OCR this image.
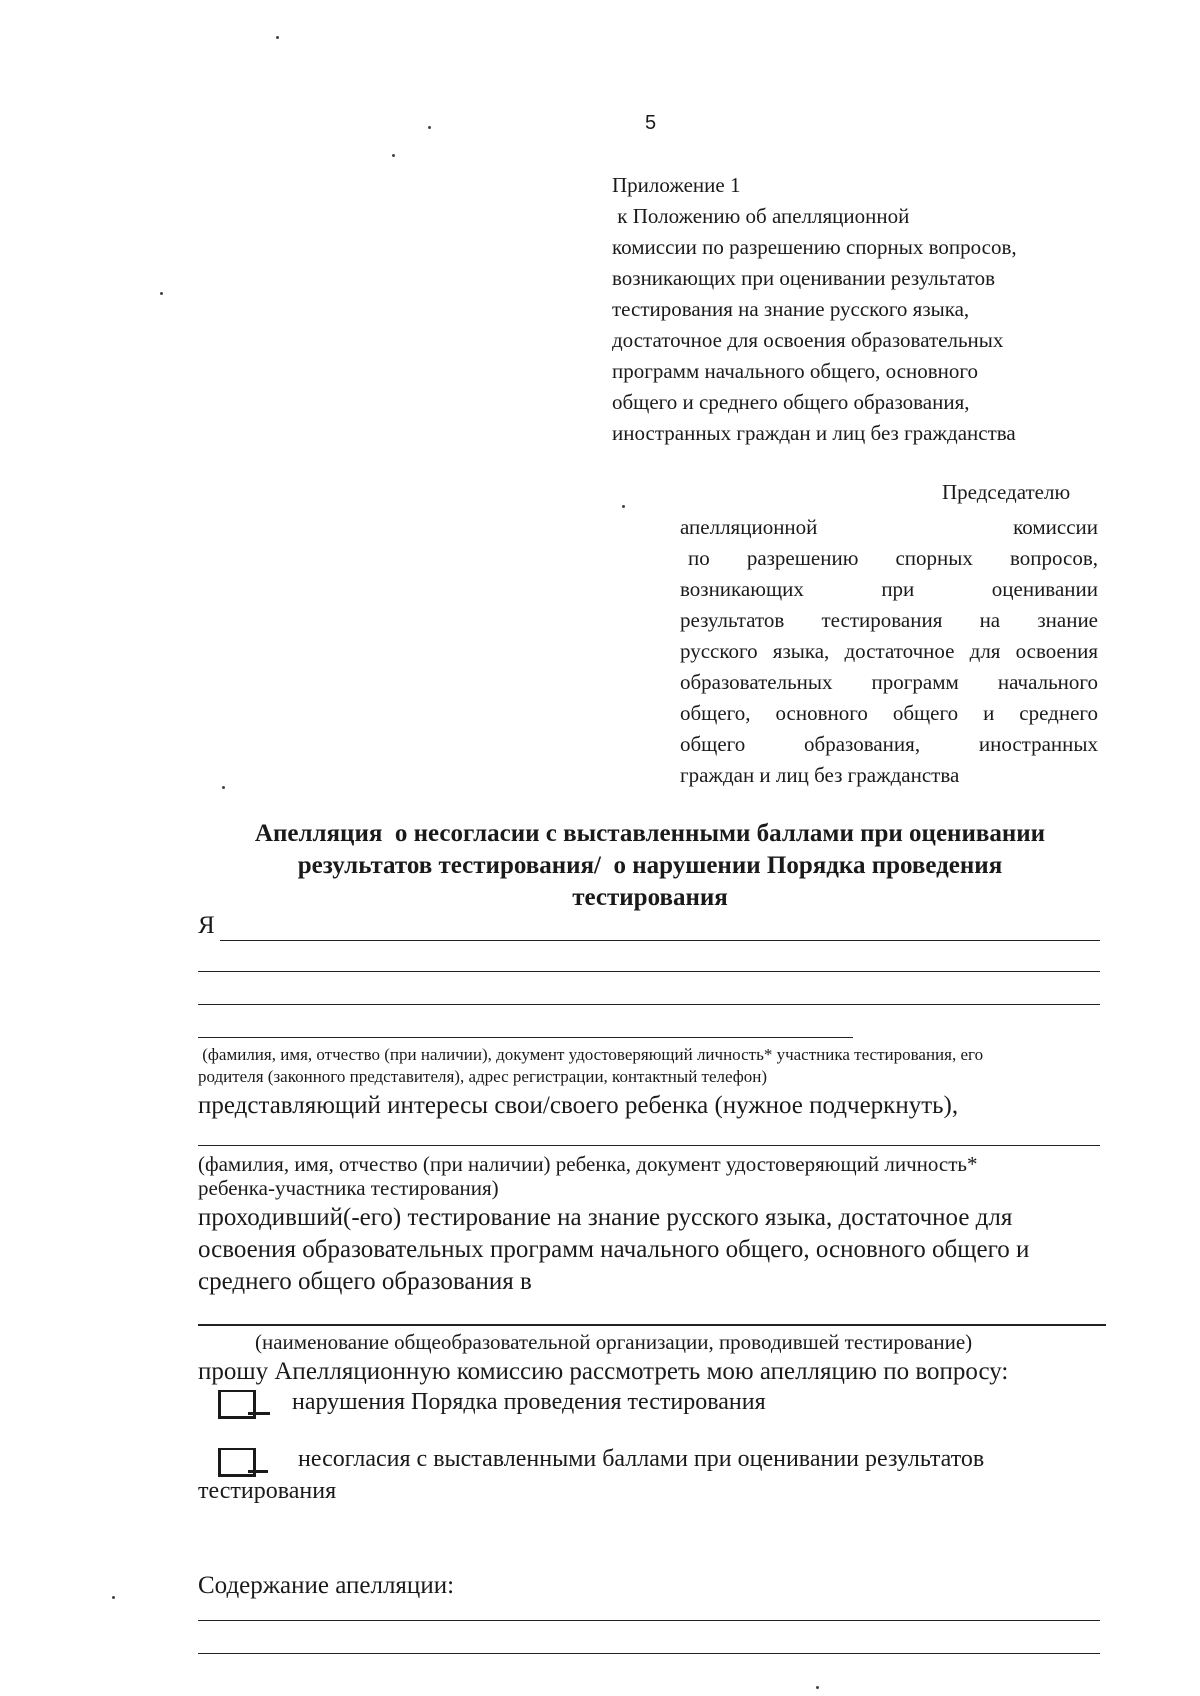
5
Приложение 1
к Положению об апелляционной
комиссии по разрешению спорных вопросов,
возникающих при оценивании результатов
тестирования на знание русского языка,
достаточное для освоения образовательных
программ начального общего, основного
общего и среднего общего образования,
иностранных граждан и лиц без гражданства
Председателю
апелляционной комиссии
по разрешению спорных вопросов,
возникающих при оценивании
результатов тестирования на знание
русского языка, достаточное для освоения
образовательных программ начального
общего, основного общего и среднего
общего образования, иностранных
граждан и лиц без гражданства
Апелляция  о несогласии с выставленными баллами при оценивании
результатов тестирования/  о нарушении Порядка проведения
тестирования
Я
(фамилия, имя, отчество (при наличии), документ удостоверяющий личность* участника тестирования, его
родителя (законного представителя), адрес регистрации, контактный телефон)
представляющий интересы свои/своего ребенка (нужное подчеркнуть),
(фамилия, имя, отчество (при наличии) ребенка, документ удостоверяющий личность*
ребенка-участника тестирования)
проходивший(-его) тестирование на знание русского языка, достаточное для
освоения образовательных программ начального общего, основного общего и
среднего общего образования в
(наименование общеобразовательной организации, проводившей тестирование)
прошу Апелляционную комиссию рассмотреть мою апелляцию по вопросу:
нарушения Порядка проведения тестирования
несогласия с выставленными баллами при оценивании результатов
тестирования
Содержание апелляции:
